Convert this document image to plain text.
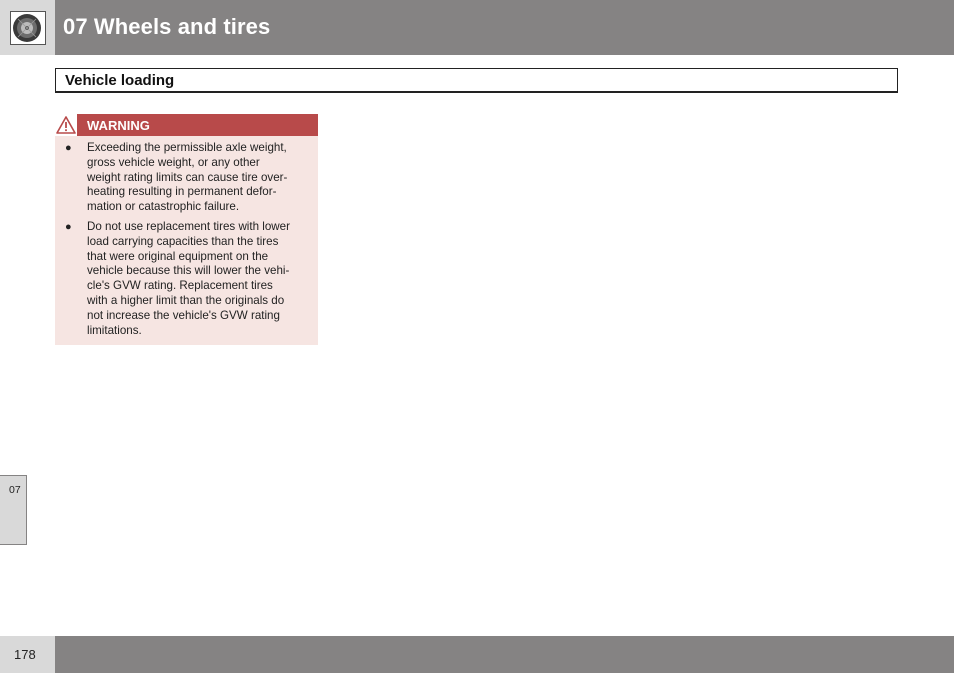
07 Wheels and tires
Vehicle loading
WARNING
● Exceeding the permissible axle weight,
gross vehicle weight, or any other
weight rating limits can cause tire over-
heating resulting in permanent defor-
mation or catastrophic failure.
● Do not use replacement tires with lower
load carrying capacities than the tires
that were original equipment on the
vehicle because this will lower the vehi-
cle's GVW rating. Replacement tires
with a higher limit than the originals do
not increase the vehicle's GVW rating
limitations.
07
178
